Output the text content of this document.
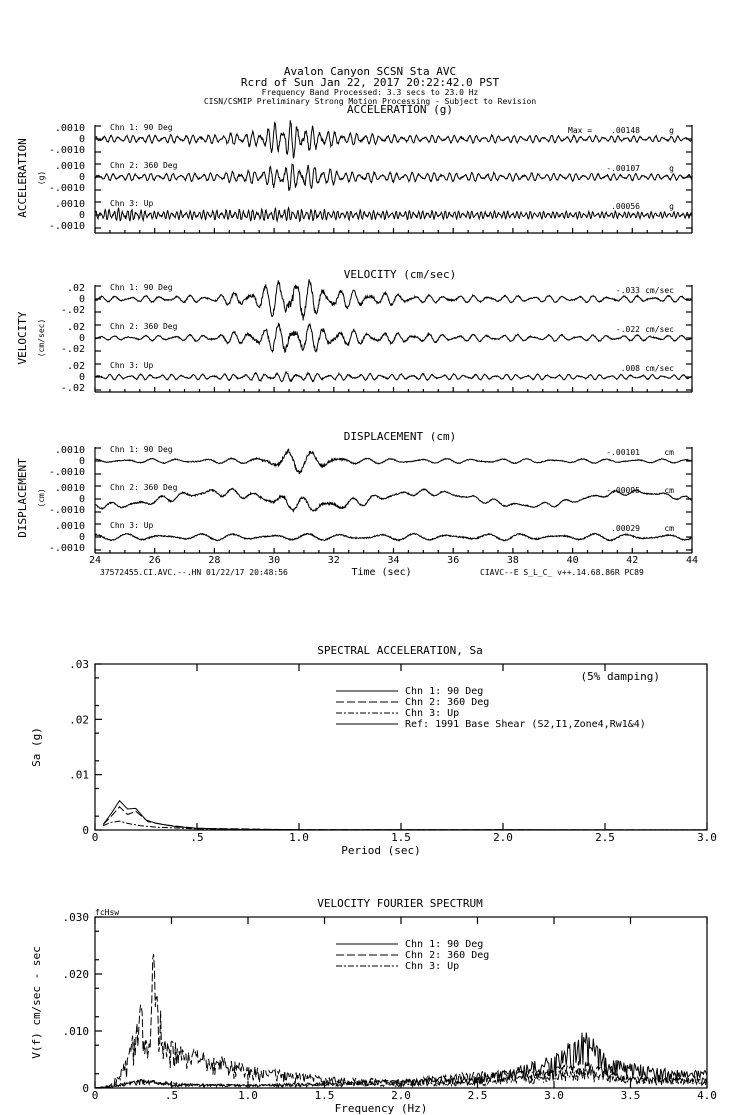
Avalon Canyon SCSN Sta AVC
Rcrd of Sun Jan 22, 2017 20:22:42.0 PST
Frequency Band Processed: 3.3 secs to 23.0 Hz
CISN/CSMIP Preliminary Strong Motion Processing - Subject to Revision
37572455.CI.AVC.--.HN 01/22/17 20:48:56	CIAVC--E S_L_C_ v++.14.68.86R PC89
ACCELERATION (g)
ACCELERATION (g)
.0010
0
-.0010
Chn 1: 90 Deg	Max = .00148	g
.0010
0
-.0010
Chn 2: 360 Deg	-.00107	g
.0010
0
-.0010
Chn 3: Up	.00056	g
VELOCITY (cm/sec)
VELOCITY (cm/sec)
.02
0
-.02
Chn 1: 90 Deg	-.033 cm/sec
.02
0
-.02
Chn 2: 360 Deg	-.022 cm/sec
.02
0
-.02
Chn 3: Up	.008 cm/sec
DISPLACEMENT (cm)
DISPLACEMENT (cm)
.0010
0
-.0010
Chn 1: 90 Deg	-.00101	cm
.0010
0
-.0010
Chn 2: 360 Deg	-.00095	cm
.0010
0
-.0010
Chn 3: Up	.00029	cm
24	26	28	30	32	34	36	38	40	42	44
Time (sec)
SPECTRAL ACCELERATION, Sa
0
.01
.02
.03
0	.5	1.0	1.5	2.0	2.5	3.0
Period (sec)
Sa (g)
(5% damping)
Chn 1: 90 Deg
Chn 2: 360 Deg
Chn 3: Up
Ref: 1991 Base Shear (S2,I1,Zone4,Rw1&4)
VELOCITY FOURIER SPECTRUM
0
.010
.020
.030
0	.5	1.0	1.5	2.0	2.5	3.0	3.5	4.0
Frequency (Hz)
V(f) cm/sec - sec
fcHsw
Chn 1: 90 Deg
Chn 2: 360 Deg
Chn 3: Up
